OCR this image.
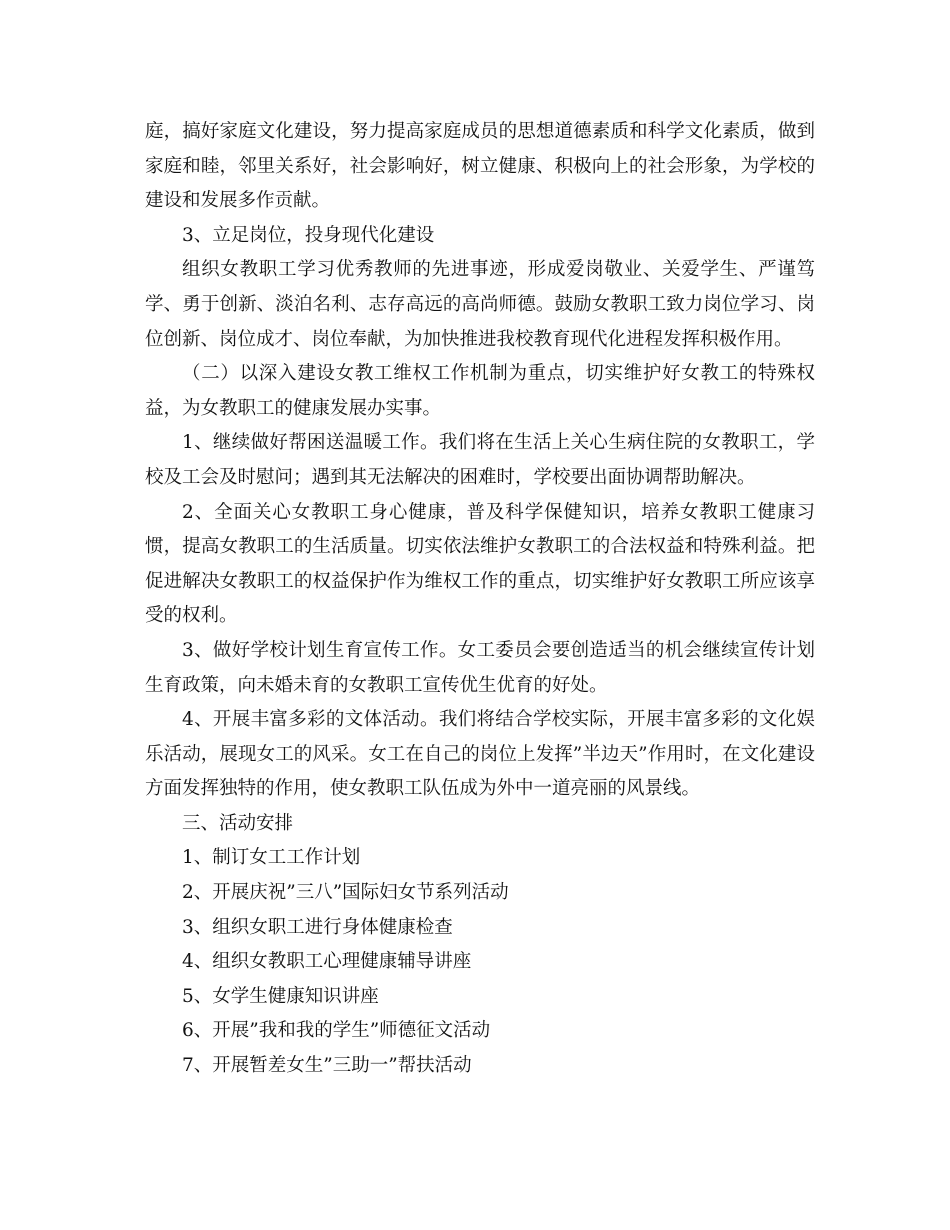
庭，搞好家庭文化建设，努力提高家庭成员的思想道德素质和科学文化素质，做到家庭和睦，邻里关系好，社会影响好，树立健康、积极向上的社会形象，为学校的建设和发展多作贡献。

3、立足岗位，投身现代化建设

组织女教职工学习优秀教师的先进事迹，形成爱岗敬业、关爱学生、严谨笃学、勇于创新、淡泊名利、志存高远的高尚师德。鼓励女教职工致力岗位学习、岗位创新、岗位成才、岗位奉献，为加快推进我校教育现代化进程发挥积极作用。

（二）以深入建设女教工维权工作机制为重点，切实维护好女教工的特殊权益，为女教职工的健康发展办实事。

1、继续做好帮困送温暖工作。我们将在生活上关心生病住院的女教职工，学校及工会及时慰问；遇到其无法解决的困难时，学校要出面协调帮助解决。

2、全面关心女教职工身心健康，普及科学保健知识，培养女教职工健康习惯，提高女教职工的生活质量。切实依法维护女教职工的合法权益和特殊利益。把促进解决女教职工的权益保护作为维权工作的重点，切实维护好女教职工所应该享受的权利。

3、做好学校计划生育宣传工作。女工委员会要创造适当的机会继续宣传计划生育政策，向未婚未育的女教职工宣传优生优育的好处。

4、开展丰富多彩的文体活动。我们将结合学校实际，开展丰富多彩的文化娱乐活动，展现女工的风采。女工在自己的岗位上发挥”半边天”作用时，在文化建设方面发挥独特的作用，使女教职工队伍成为外中一道亮丽的风景线。

三、活动安排

1、制订女工工作计划

2、开展庆祝”三八”国际妇女节系列活动

3、组织女职工进行身体健康检查

4、组织女教职工心理健康辅导讲座

5、女学生健康知识讲座

6、开展”我和我的学生”师德征文活动

7、开展暂差女生”三助一”帮扶活动
